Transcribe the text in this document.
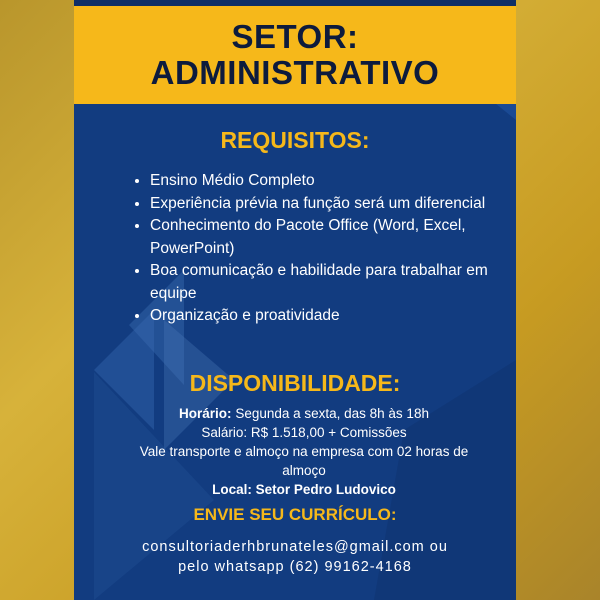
SETOR:
ADMINISTRATIVO
REQUISITOS:
• Ensino Médio Completo
• Experiência prévia na função será um diferencial
• Conhecimento do Pacote Office (Word, Excel, PowerPoint)
• Boa comunicação e habilidade para trabalhar em equipe
• Organização e proatividade
DISPONIBILIDADE:
Horário: Segunda a sexta, das 8h às 18h
Salário: R$ 1.518,00 + Comissões
Vale transporte e almoço na empresa com 02 horas de almoço
Local: Setor Pedro Ludovico
ENVIE SEU CURRÍCULO:
consultoriaderhbrunateles@gmail.com ou
pelo whatsapp (62) 99162-4168
